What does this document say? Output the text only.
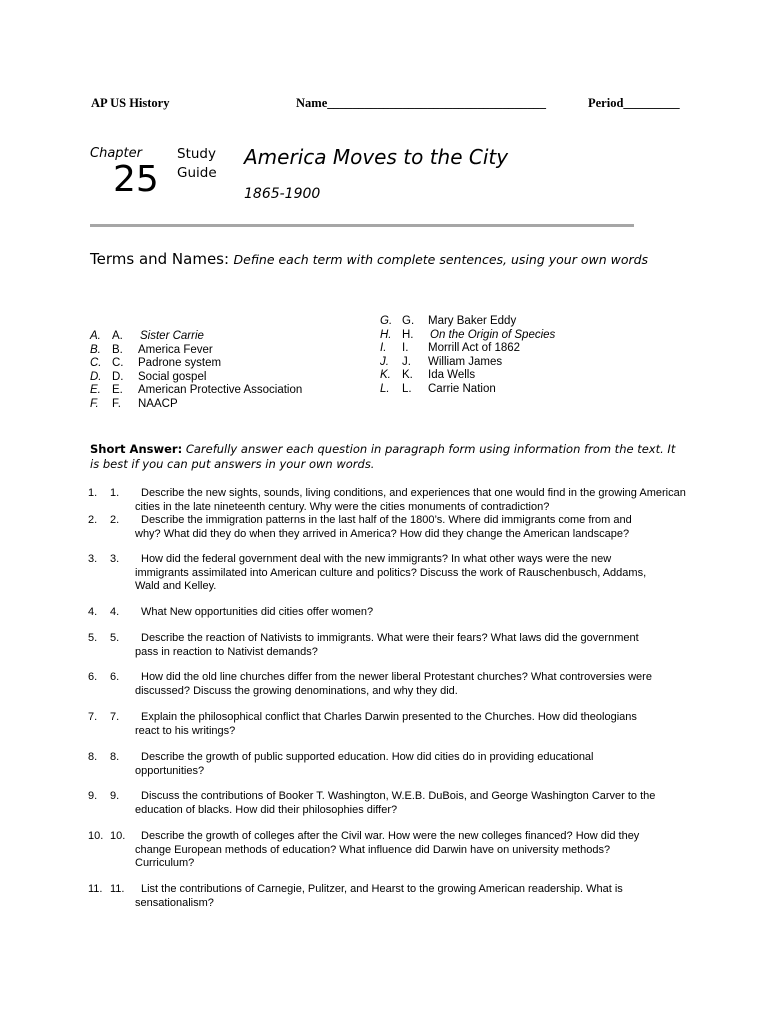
AP US History	Name___________________________________	Period_________
Chapter
25
Study
Guide
America Moves to the City
1865-1900
Terms and Names: Define each term with complete sentences, using your own words
A. A. Sister Carrie
B. B. America Fever
C. C. Padrone system
D. D. Social gospel
E. E. American Protective Association
F. F. NAACP
G. G. Mary Baker Eddy
H. H. On the Origin of Species
I. I. Morrill Act of 1862
J. J. William James
K. K. Ida Wells
L. L. Carrie Nation
Short Answer: Carefully answer each question in paragraph form using information from the text. It
is best if you can put answers in your own words.
1. 1.	Describe the new sights, sounds, living conditions, and experiences that one would find in the growing American
cities in the late nineteenth century. Why were the cities monuments of contradiction?
2. 2.	Describe the immigration patterns in the last half of the 1800’s. Where did immigrants come from and
why? What did they do when they arrived in America? How did they change the American landscape?
3. 3.	How did the federal government deal with the new immigrants? In what other ways were the new
immigrants assimilated into American culture and politics? Discuss the work of Rauschenbusch, Addams,
Wald and Kelley.
4. 4.	What New opportunities did cities offer women?
5. 5.	Describe the reaction of Nativists to immigrants. What were their fears? What laws did the government
pass in reaction to Nativist demands?
6. 6.	How did the old line churches differ from the newer liberal Protestant churches? What controversies were
discussed? Discuss the growing denominations, and why they did.
7. 7.	Explain the philosophical conflict that Charles Darwin presented to the Churches. How did theologians
react to his writings?
8. 8.	Describe the growth of public supported education. How did cities do in providing educational
opportunities?
9. 9.	Discuss the contributions of Booker T. Washington, W.E.B. DuBois, and George Washington Carver to the
education of blacks. How did their philosophies differ?
10. 10.	Describe the growth of colleges after the Civil war. How were the new colleges financed? How did they
change European methods of education? What influence did Darwin have on university methods?
Curriculum?
11. 11.	List the contributions of Carnegie, Pulitzer, and Hearst to the growing American readership. What is
sensationalism?
